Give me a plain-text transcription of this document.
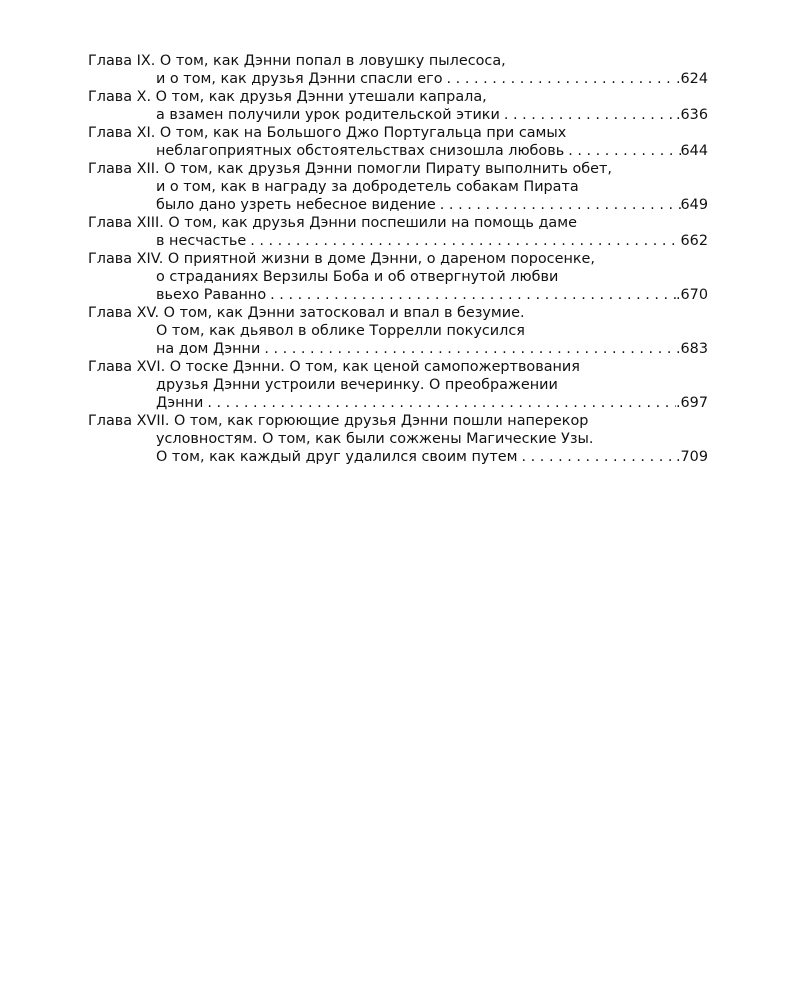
Глава IX. О том, как Дэнни попал в ловушку пылесоса,
и о том, как друзья Дэнни спасли его . . .	.624
Глава X. О том, как друзья Дэнни утешали капрала,
а взамен получили урок родительской этики . . .	.636
Глава XI. О том, как на Большого Джо Португальца при самых
неблагоприятных обстоятельствах снизошла любовь . . .	644
Глава XII. О том, как друзья Дэнни помогли Пирату выполнить обет,
и о том, как в награду за добродетель собакам Пирата
было дано узреть небесное видение . . .	649
Глава XIII. О том, как друзья Дэнни поспешили на помощь даме
в несчастье . . .	662
Глава XIV. О приятной жизни в доме Дэнни, о дареном поросенке,
о страданиях Верзилы Боба и об отвергнутой любви
вьехо Раванно . . .	.670
Глава XV. О том, как Дэнни затосковал и впал в безумие.
О том, как дьявол в облике Торрелли покусился
на дом Дэнни . . .	683
Глава XVI. О тоске Дэнни. О том, как ценой самопожертвования
друзья Дэнни устроили вечеринку. О преображении
Дэнни . . .	.697
Глава XVII. О том, как горюющие друзья Дэнни пошли наперекор
условностям. О том, как были сожжены Магические Узы.
О том, как каждый друг удалился своим путем . . .	.709
